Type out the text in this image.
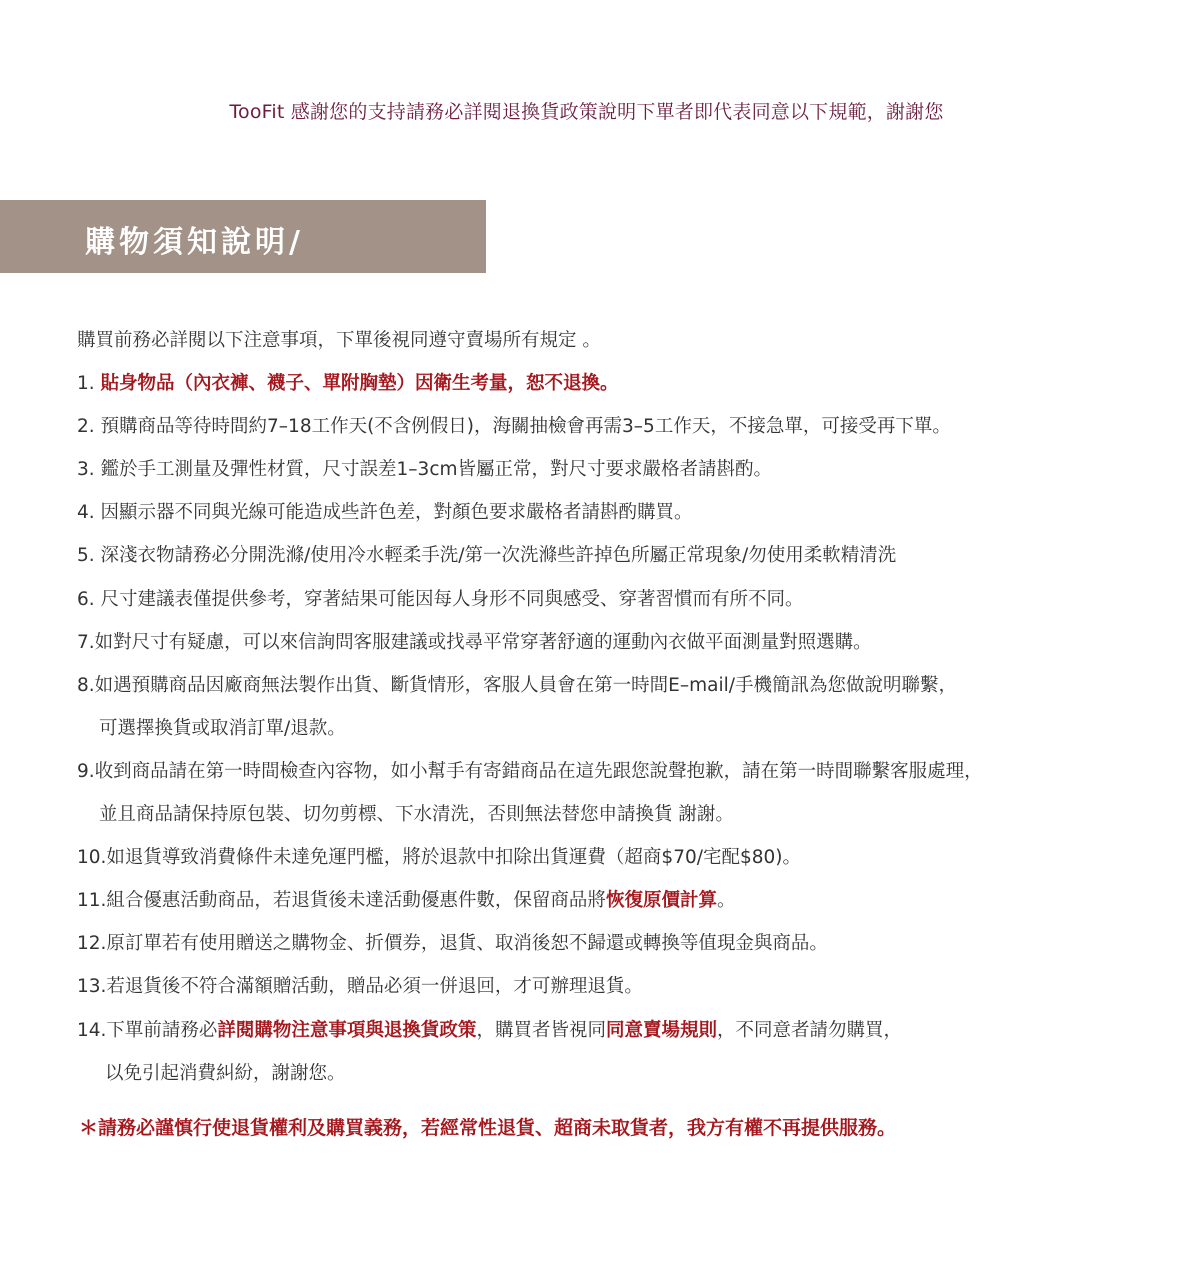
TooFit 感謝您的支持請務必詳閱退換貨政策說明下單者即代表同意以下規範，謝謝您
購物須知說明/
購買前務必詳閱以下注意事項，下單後視同遵守賣場所有規定 。
1. 貼身物品（內衣褲、襪子、單附胸墊）因衛生考量，恕不退換。
2. 預購商品等待時間約7–18工作天(不含例假日)，海關抽檢會再需3–5工作天，不接急單，可接受再下單。
3. 鑑於手工測量及彈性材質，尺寸誤差1–3cm皆屬正常，對尺寸要求嚴格者請斟酌。
4. 因顯示器不同與光線可能造成些許色差，對顏色要求嚴格者請斟酌購買。
5. 深淺衣物請務必分開洗滌/使用冷水輕柔手洗/第一次洗滌些許掉色所屬正常現象/勿使用柔軟精清洗
6. 尺寸建議表僅提供參考，穿著結果可能因每人身形不同與感受、穿著習慣而有所不同。
7.如對尺寸有疑慮，可以來信詢問客服建議或找尋平常穿著舒適的運動內衣做平面測量對照選購。
8.如遇預購商品因廠商無法製作出貨、斷貨情形，客服人員會在第一時間E–mail/手機簡訊為您做說明聯繫，
可選擇換貨或取消訂單/退款。
9.收到商品請在第一時間檢查內容物，如小幫手有寄錯商品在這先跟您說聲抱歉，請在第一時間聯繫客服處理，
並且商品請保持原包裝、切勿剪標、下水清洗，否則無法替您申請換貨 謝謝。
10.如退貨導致消費條件未達免運門檻，將於退款中扣除出貨運費（超商$70/宅配$80)。
11.組合優惠活動商品，若退貨後未達活動優惠件數，保留商品將恢復原價計算。
12.原訂單若有使用贈送之購物金、折價券，退貨、取消後恕不歸還或轉換等值現金與商品。
13.若退貨後不符合滿額贈活動，贈品必須一併退回，才可辦理退貨。
14.下單前請務必詳閱購物注意事項與退換貨政策，購買者皆視同同意賣場規則，不同意者請勿購買，
以免引起消費糾紛，謝謝您。
＊請務必謹慎行使退貨權利及購買義務，若經常性退貨、超商未取貨者，我方有權不再提供服務。
